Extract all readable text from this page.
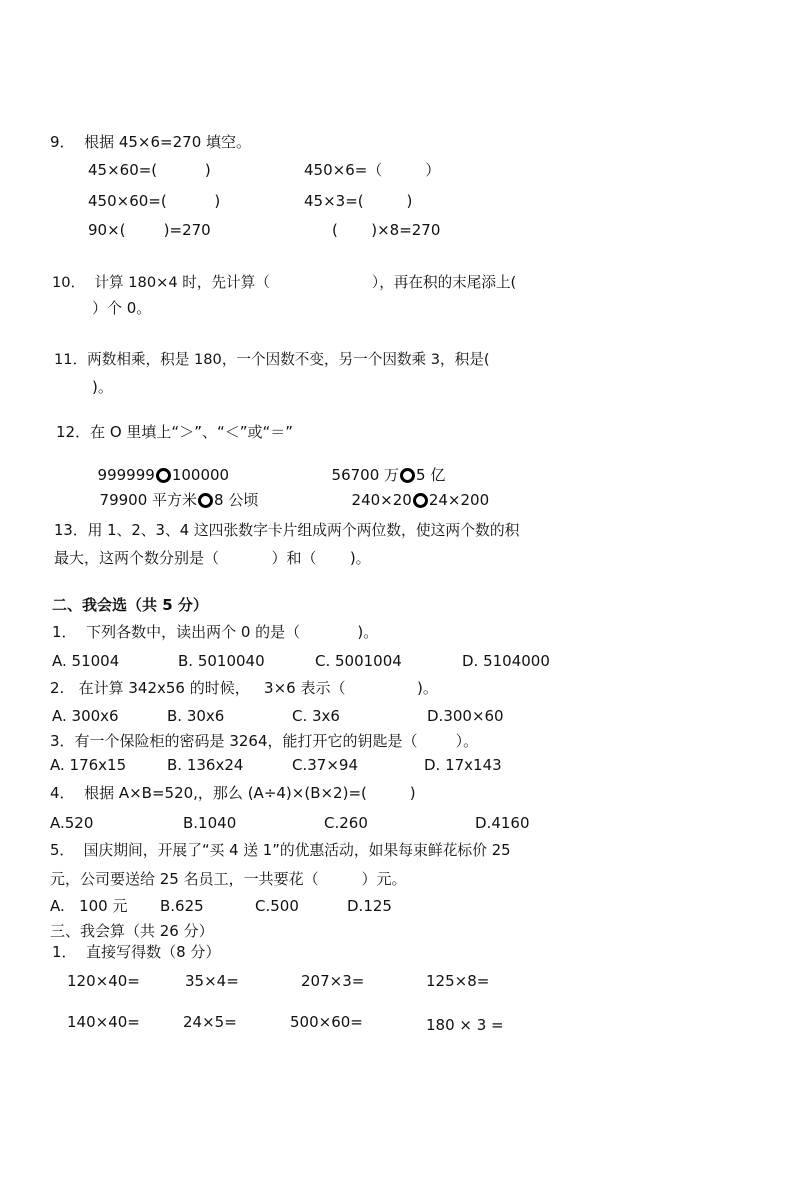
9．  根据 45×6=270 填空。
45×60=(          )	450×6=（         ）
450×60=(          )	45×3=(         )
90×(        )=270	(       )×8=270
10．  计算 180×4 时，先计算（                      ），再在积的末尾添上(
）个 0。
11．两数相乘，积是 180，一个因数不变，另一个因数乘 3，积是(
)。
12．在 O 里填上“＞”、“＜”或“＝”

999999 100000	56700 万 5 亿

79900 平方米 8 公顷	240×20 24×200

13．用 1、2、3、4 这四张数字卡片组成两个两位数，使这两个数的积
最大，这两个数分别是（           ）和（       )。
二、我会选（共 5 分）
1．  下列各数中，读出两个 0 的是（            )。
A. 51004	B. 5010040	C. 5001004	D. 5104000
2.   在计算 342x56 的时候，   3×6 表示（               )。
A. 300x6	B. 30x6	C. 3x6	D.300×60
3．有一个保险柜的密码是 3264，能打开它的钥匙是（        ）。
A. 176x15	B. 136x24	C.37×94	D. 17x143
4．  根据 A×B=520,，那么 (A÷4)×(B×2)=(         )
A.520	B.1040	C.260	D.4160
5．  国庆期间，开展了“买 4 送 1”的优惠活动，如果每束鲜花标价 25
元，公司要送给 25 名员工，一共要花（         ）元。
A.   100 元 B.625	C.500	D.125
三、我会算（共 26 分）
1．  直接写得数（8 分）
120×40=	35×4=	207×3=	125×8=
140×40=	24×5=	500×60=	180 × 3 =
